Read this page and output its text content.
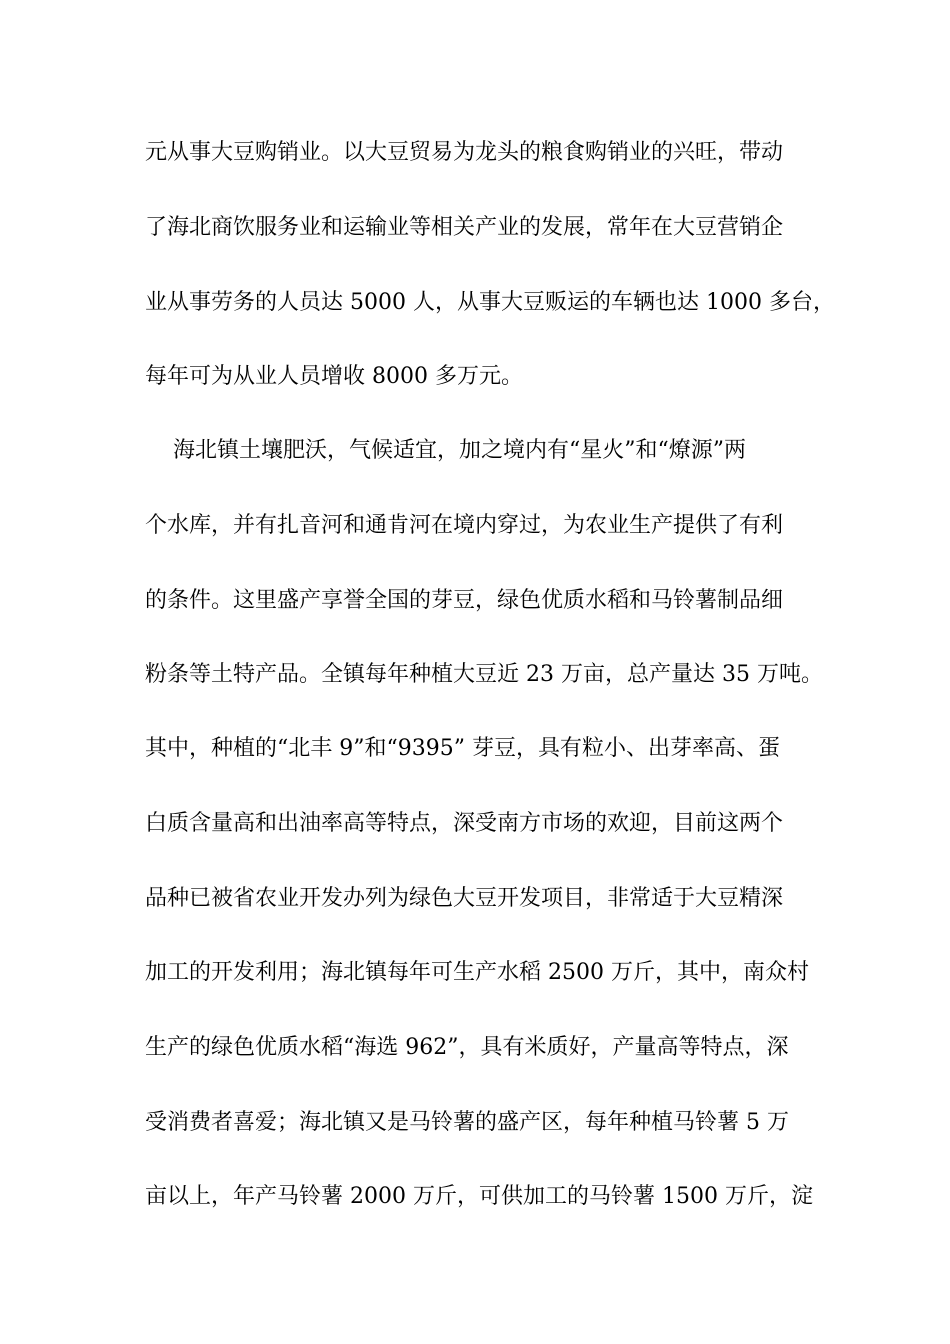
元从事大豆购销业。以大豆贸易为龙头的粮食购销业的兴旺，带动
了海北商饮服务业和运输业等相关产业的发展，常年在大豆营销企
业从事劳务的人员达 5000 人，从事大豆贩运的车辆也达 1000 多台，
每年可为从业人员增收 8000 多万元。
海北镇土壤肥沃，气候适宜，加之境内有“星火”和“燎源”两
个水库，并有扎音河和通肯河在境内穿过，为农业生产提供了有利
的条件。这里盛产享誉全国的芽豆，绿色优质水稻和马铃薯制品细
粉条等土特产品。全镇每年种植大豆近 23 万亩，总产量达 35 万吨。
其中，种植的“北丰 9”和“9395” 芽豆，具有粒小、出芽率高、蛋
白质含量高和出油率高等特点，深受南方市场的欢迎，目前这两个
品种已被省农业开发办列为绿色大豆开发项目，非常适于大豆精深
加工的开发利用；海北镇每年可生产水稻 2500 万斤，其中，南众村
生产的绿色优质水稻“海选 962”，具有米质好，产量高等特点，深
受消费者喜爱；海北镇又是马铃薯的盛产区，每年种植马铃薯 5 万
亩以上，年产马铃薯 2000 万斤，可供加工的马铃薯 1500 万斤，淀
